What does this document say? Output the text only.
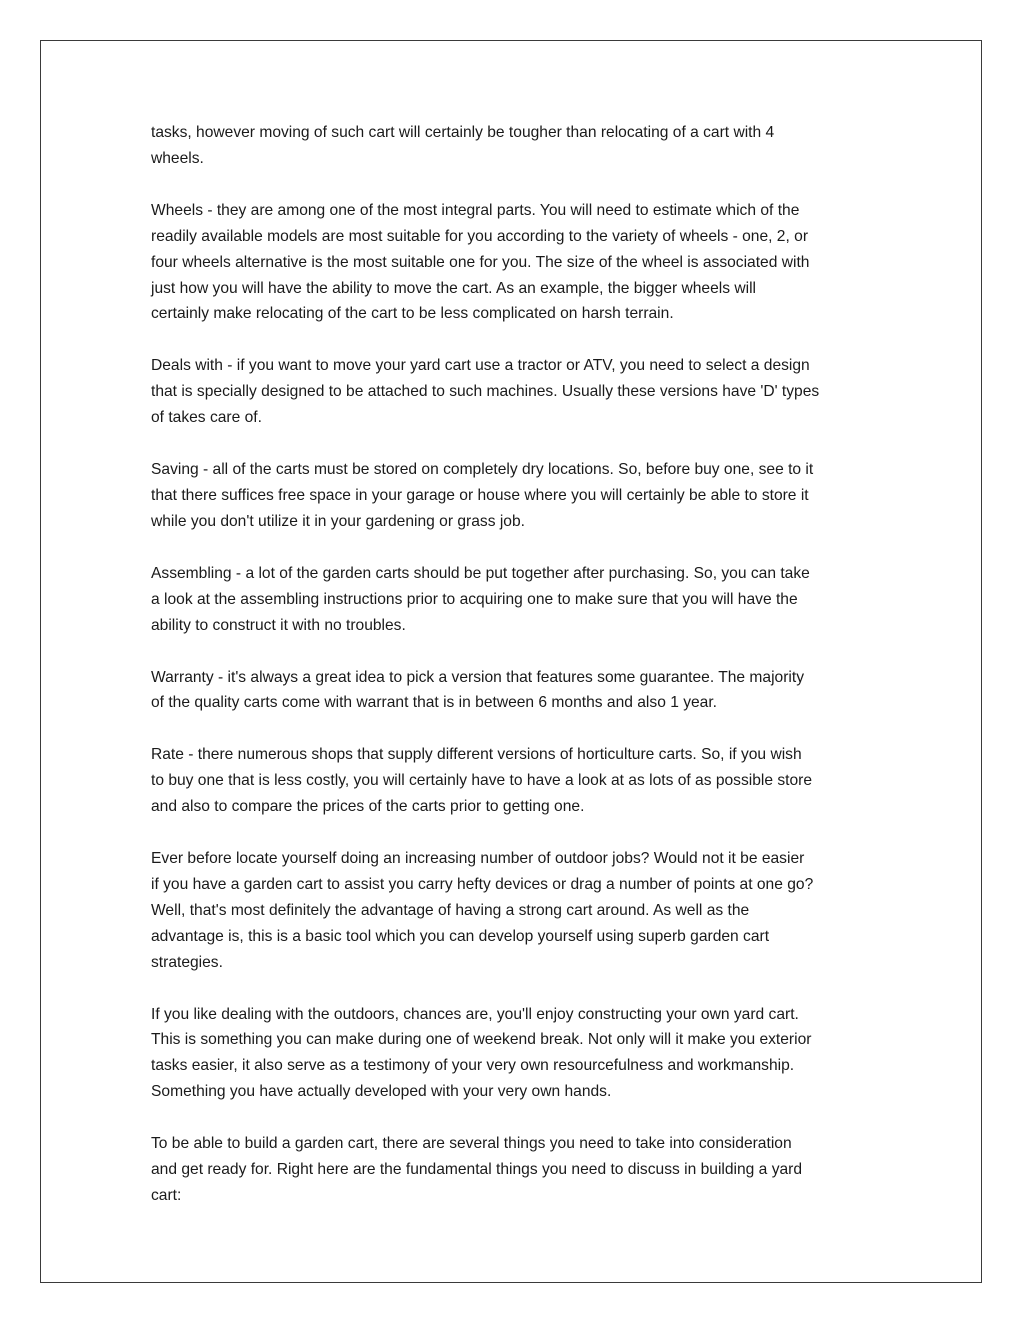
tasks, however moving of such cart will certainly be tougher than relocating of a cart with 4
wheels.

Wheels - they are among one of the most integral parts. You will need to estimate which of the
readily available models are most suitable for you according to the variety of wheels - one, 2, or
four wheels alternative is the most suitable one for you. The size of the wheel is associated with
just how you will have the ability to move the cart. As an example, the bigger wheels will
certainly make relocating of the cart to be less complicated on harsh terrain.

Deals with - if you want to move your yard cart use a tractor or ATV, you need to select a design
that is specially designed to be attached to such machines. Usually these versions have 'D' types
of takes care of.

Saving - all of the carts must be stored on completely dry locations. So, before buy one, see to it
that there suffices free space in your garage or house where you will certainly be able to store it
while you don't utilize it in your gardening or grass job.

Assembling - a lot of the garden carts should be put together after purchasing. So, you can take
a look at the assembling instructions prior to acquiring one to make sure that you will have the
ability to construct it with no troubles.

Warranty - it's always a great idea to pick a version that features some guarantee. The majority
of the quality carts come with warrant that is in between 6 months and also 1 year.

Rate - there numerous shops that supply different versions of horticulture carts. So, if you wish
to buy one that is less costly, you will certainly have to have a look at as lots of as possible store
and also to compare the prices of the carts prior to getting one.

Ever before locate yourself doing an increasing number of outdoor jobs? Would not it be easier
if you have a garden cart to assist you carry hefty devices or drag a number of points at one go?
Well, that's most definitely the advantage of having a strong cart around. As well as the
advantage is, this is a basic tool which you can develop yourself using superb garden cart
strategies.

If you like dealing with the outdoors, chances are, you'll enjoy constructing your own yard cart.
This is something you can make during one of weekend break. Not only will it make you exterior
tasks easier, it also serve as a testimony of your very own resourcefulness and workmanship.
Something you have actually developed with your very own hands.

To be able to build a garden cart, there are several things you need to take into consideration
and get ready for. Right here are the fundamental things you need to discuss in building a yard
cart:
